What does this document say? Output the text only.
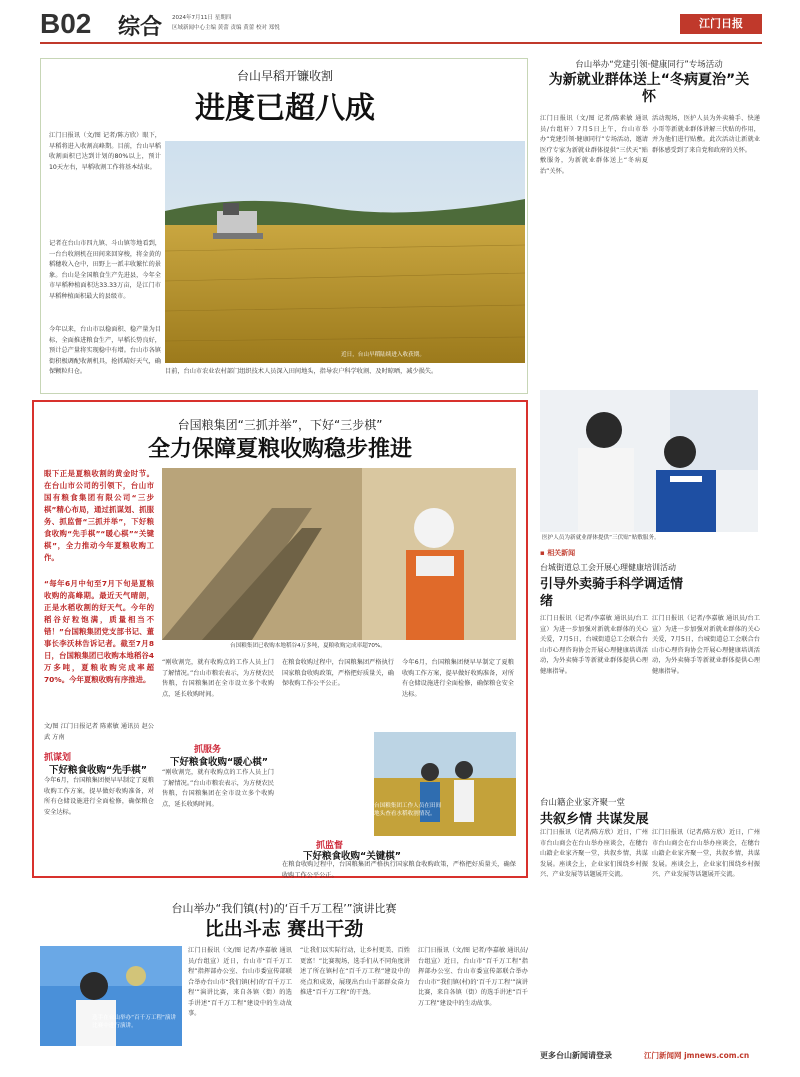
B02 综合 2024年7月11日 星期四
区域新闻中心主编 黄蕾 责编 黄蕾 校对 郑悦	江门日报
台山早稻开镰收割
进度已超八成
江门日报讯（文/图 记者/陈方欣）眼下，早稻将进入收割高峰期。目前，台山早稻收割面积已达到计划的80%以上，预计10天左右，早稻收割工作将基本结束。
记者在台山市四九镇、斗山镇等地看到，一台台收割机在田间来回穿梭，将金黄的稻穗收入仓中，田野上一派丰收繁忙的景象。台山是全国粮食生产先进县，今年全市早稻种植面积达33.33万亩，是江门市早稻种植面积最大的县级市。
今年以来，台山市以稳面积、稳产量为目标，全面推进粮食生产，早稻长势良好，预计总产量将实现稳中有增。台山市各镇街积极调配收割机具，抢抓晴好天气，确保颗粒归仓。
近日，台山早稻陆续进入收获期。
目前，台山市农业农村部门组织技术人员深入田间地头，指导农户科学收割、及时晾晒，减少损失。
台山举办“党建引领·健康同行”专场活动
为新就业群体送上“冬病夏治”关怀
江门日报讯（文/图 记者/陈素敏 通讯员/台组轩）7月5日上午，台山市举办“党建引领·健康同行”专场活动，邀请医疗专家为新就业群体提供“三伏天”贴敷服务，为新就业群体送上“冬病夏治”关怀。
活动现场，医护人员为外卖骑手、快递小哥等新就业群体讲解三伏贴的作用，并为他们进行贴敷。此次活动让新就业群体感受到了来自党和政府的关怀。
医护人员为新就业群体提供“三伏贴”贴敷服务。
台国粮集团“三抓并举”，下好“三步棋”
全力保障夏粮收购稳步推进
眼下正是夏粮收割的黄金时节。在台山市公司的引领下，台山市国有粮食集团有限公司“三步棋”精心布局，通过抓谋划、抓服务、抓监督“三抓并举”，下好粮食收购“先手棋”“暖心棋”“关键棋”，全力推动今年夏粮收购工作。
“每年6月中旬至7月下旬是夏粮收购的高峰期。最近天气晴朗，正是水稻收割的好天气。今年的稻谷好粒饱满，质量相当不错！”台国粮集团党支部书记、董事长李沃林告诉记者。截至7月8日，台国粮集团已收购本地稻谷4万多吨，夏粮收购完成率超70%。今年夏粮收购有序推进。
文/图 江门日报记者 陈素敏 通讯员 赵公武 方南
抓谋划
下好粮食收购“先手棋”
今年6月，台国粮集团便早早制定了夏粮收购工作方案，提早做好收购准备，对所有仓储设施进行全面检修，确保粮仓安全达标。
台国粮集团已收购本地稻谷4万多吨，夏粮收购完成率超70%。
“刚收割完，就有收购点的工作人员上门了解情况。”台山市粮农表示，为方便农民售粮，台国粮集团在全市设立多个收购点，延长收购时间。
抓服务
下好粮食收购“暖心棋”
“刚收割完，就有收购点的工作人员上门了解情况。”台山市粮农表示，为方便农民售粮，台国粮集团在全市设立多个收购点，延长收购时间。
在粮食收购过程中，台国粮集团严格执行国家粮食收购政策，严格把好质量关，确保收购工作公平公正。
今年6月，台国粮集团便早早制定了夏粮收购工作方案，提早做好收购准备，对所有仓储设施进行全面检修，确保粮仓安全达标。
台国粮集团工作人员在田间地头查看水稻收割情况。
抓监督
下好粮食收购“关键棋”
在粮食收购过程中，台国粮集团严格执行国家粮食收购政策，严格把好质量关，确保收购工作公平公正。
▪ 相关新闻
台城街道总工会开展心理健康培训活动
引导外卖骑手科学调适情绪
江门日报讯（记者/李嘉敏 通讯员/台工宣）为进一步加强对新就业群体的关心关爱，7月5日，台城街道总工会联合台山市心理咨询协会开展心理健康培训活动，为外卖骑手等新就业群体提供心理健康指导。
江门日报讯（记者/李嘉敏 通讯员/台工宣）为进一步加强对新就业群体的关心关爱，7月5日，台城街道总工会联合台山市心理咨询协会开展心理健康培训活动，为外卖骑手等新就业群体提供心理健康指导。
台山籍企业家齐聚一堂
共叙乡情 共谋发展
江门日报讯（记者/陈方欣）近日，广州市台山商会在台山举办座谈会，在穗台山籍企业家齐聚一堂，共叙乡情，共谋发展。座谈会上，企业家们围绕乡村振兴、产业发展等话题展开交流。
江门日报讯（记者/陈方欣）近日，广州市台山商会在台山举办座谈会，在穗台山籍企业家齐聚一堂，共叙乡情，共谋发展。座谈会上，企业家们围绕乡村振兴、产业发展等话题展开交流。
台山举办“我们镇(村)的‘百千万工程’”演讲比赛
比出斗志 赛出干劲
选手在台山举办“百千万工程”演讲比赛中进行演讲。
江门日报讯（文/图 记者/李嘉敏 通讯员/台组宣）近日，台山市“百千万工程”指挥部办公室、台山市委宣传部联合举办台山市“我们镇(村)的‘百千万工程’”演讲比赛，来自各镇（街）的选手讲述“百千万工程”建设中的生动故事。
“让我们以实际行动，让乡村更美、百姓更富！”比赛现场，选手们从不同角度讲述了所在镇村在“百千万工程”建设中的亮点和成效，展现出台山干部群众奋力推进“百千万工程”的干劲。
江门日报讯（文/图 记者/李嘉敏 通讯员/台组宣）近日，台山市“百千万工程”指挥部办公室、台山市委宣传部联合举办台山市“我们镇(村)的‘百千万工程’”演讲比赛，来自各镇（街）的选手讲述“百千万工程”建设中的生动故事。
更多台山新闻请登录	江门新闻网 jmnews.com.cn
